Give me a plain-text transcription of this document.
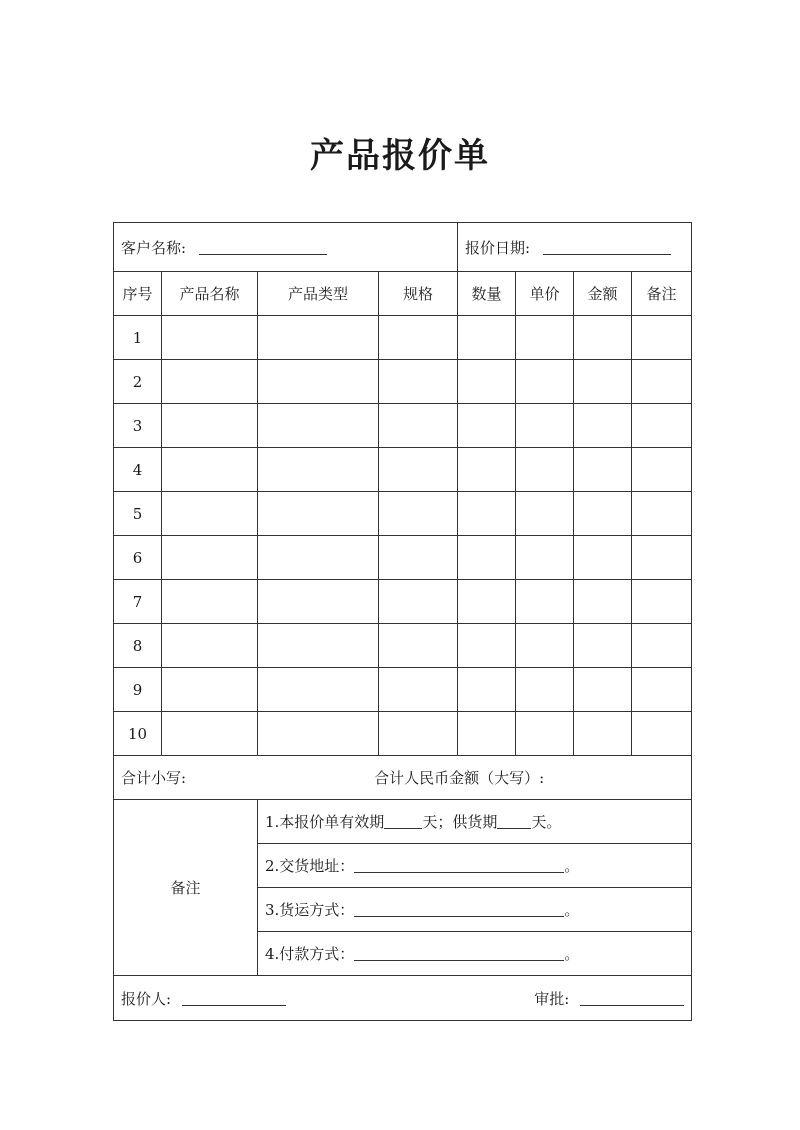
产品报价单
客户名称:				报价日期:			
序号	产品名称	产品类型	规格	数量	单价	金额	备注
1							
2							
3							
4							
5							
6							
7							
8							
9							
10							

合计小写: 合计人民币金额（大写）:							

备注		1.本报价单有效期 天；供货期 天。					
		2.交货地址： 。					
		3.货运方式： 。					
		4.付款方式： 。					

报价人: 审批:							
